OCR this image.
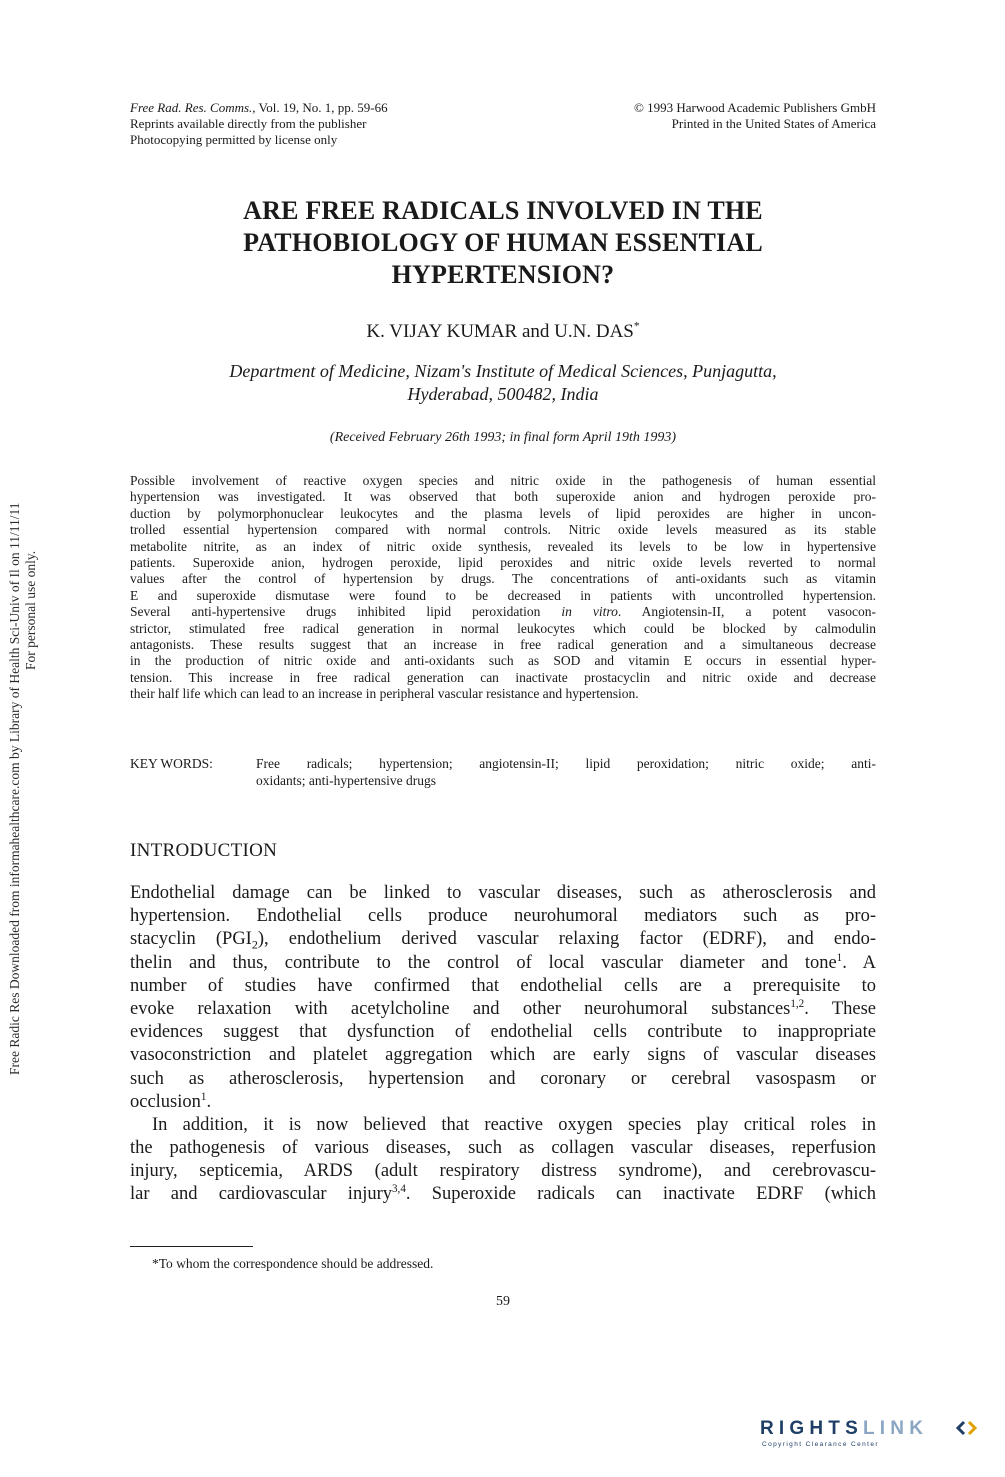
Free Rad. Res. Comms., Vol. 19, No. 1, pp. 59-66
Reprints available directly from the publisher
Photocopying permitted by license only
© 1993 Harwood Academic Publishers GmbH
Printed in the United States of America
ARE FREE RADICALS INVOLVED IN THE
PATHOBIOLOGY OF HUMAN ESSENTIAL
HYPERTENSION?
K. VIJAY KUMAR and U.N. DAS*
Department of Medicine, Nizam's Institute of Medical Sciences, Punjagutta,
Hyderabad, 500482, India
(Received February 26th 1993; in final form April 19th 1993)
Possible involvement of reactive oxygen species and nitric oxide in the pathogenesis of human essential
hypertension was investigated. It was observed that both superoxide anion and hydrogen peroxide pro-
duction by polymorphonuclear leukocytes and the plasma levels of lipid peroxides are higher in uncon-
trolled essential hypertension compared with normal controls. Nitric oxide levels measured as its stable
metabolite nitrite, as an index of nitric oxide synthesis, revealed its levels to be low in hypertensive
patients. Superoxide anion, hydrogen peroxide, lipid peroxides and nitric oxide levels reverted to normal
values after the control of hypertension by drugs. The concentrations of anti-oxidants such as vitamin
E and superoxide dismutase were found to be decreased in patients with uncontrolled hypertension.
Several anti-hypertensive drugs inhibited lipid peroxidation in vitro. Angiotensin-II, a potent vasocon-
strictor, stimulated free radical generation in normal leukocytes which could be blocked by calmodulin
antagonists. These results suggest that an increase in free radical generation and a simultaneous decrease
in the production of nitric oxide and anti-oxidants such as SOD and vitamin E occurs in essential hyper-
tension. This increase in free radical generation can inactivate prostacyclin and nitric oxide and decrease
their half life which can lead to an increase in peripheral vascular resistance and hypertension.
KEY WORDS:	Free radicals; hypertension; angiotensin-II; lipid peroxidation; nitric oxide; anti-
oxidants; anti-hypertensive drugs
INTRODUCTION
Endothelial damage can be linked to vascular diseases, such as atherosclerosis and
hypertension. Endothelial cells produce neurohumoral mediators such as pro-
stacyclin $(PGI_2)$, endothelium derived vascular relaxing factor (EDRF), and endo-
thelin and thus, contribute to the control of local vascular diameter and tone$^1$. A
number of studies have confirmed that endothelial cells are a prerequisite to
evoke relaxation with acetylcholine and other neurohumoral substances$^{1,2}$. These
evidences suggest that dysfunction of endothelial cells contribute to inappropriate
vasoconstriction and platelet aggregation which are early signs of vascular diseases
such as atherosclerosis, hypertension and coronary or cerebral vasospasm or
occlusion$^1$.
In addition, it is now believed that reactive oxygen species play critical roles in
the pathogenesis of various diseases, such as collagen vascular diseases, reperfusion
injury, septicemia, ARDS (adult respiratory distress syndrome), and cerebrovascu-
lar and cardiovascular injury$^{3,4}$. Superoxide radicals can inactivate EDRF (which
*To whom the correspondence should be addressed.
59
Free Radic Res Downloaded from informahealthcare.com by Library of Health Sci-Univ of Il on 11/11/11 For personal use only.
RIGHTSLINK
Copyright Clearance Center
